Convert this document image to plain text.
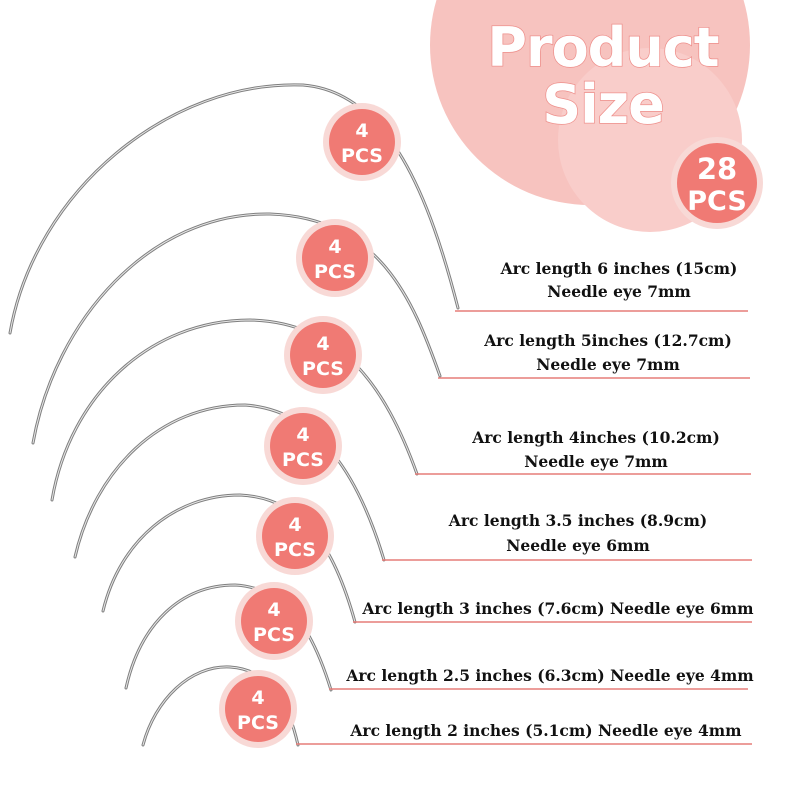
Product
Size
28
PCS
4
PCS
Arc length 6 inches (15cm)
Needle eye 7mm
4
PCS
Arc length 5inches (12.7cm)
Needle eye 7mm
4
PCS
Arc length 4inches (10.2cm)
Needle eye 7mm
4
PCS
Arc length 3.5 inches (8.9cm)
Needle eye 6mm
4
PCS
Arc length 3 inches (7.6cm) Needle eye 6mm
4
PCS
Arc length 2.5 inches (6.3cm) Needle eye 4mm
4
PCS	Arc length 2 inches (5.1cm) Needle eye 4mm
